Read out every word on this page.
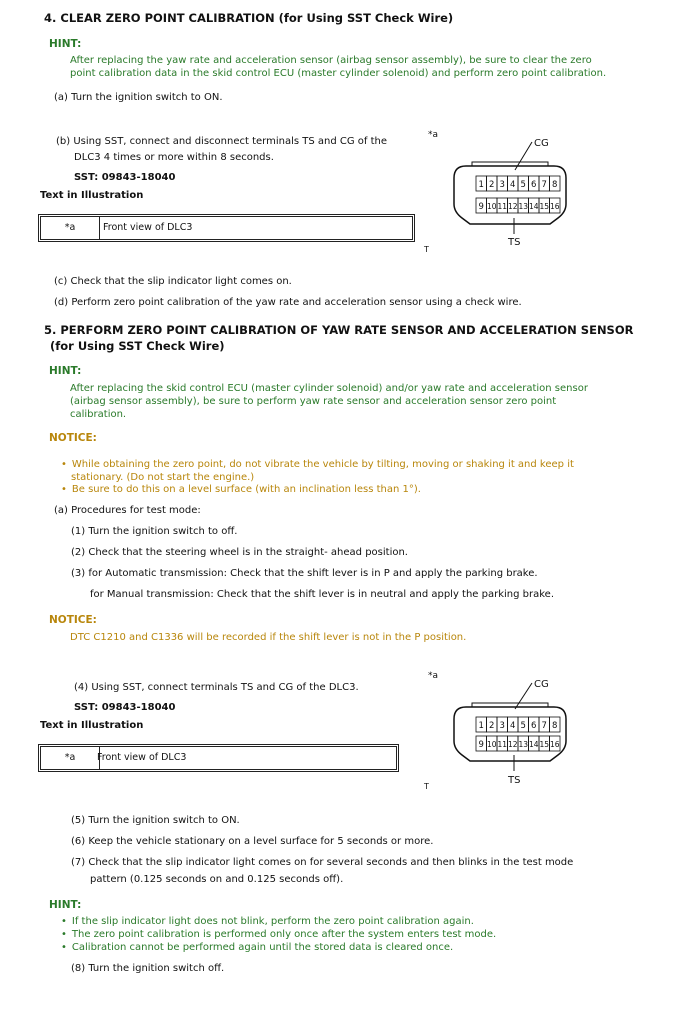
4. CLEAR ZERO POINT CALIBRATION (for Using SST Check Wire)
HINT:
After replacing the yaw rate and acceleration sensor (airbag sensor assembly), be sure to clear the zero
point calibration data in the skid control ECU (master cylinder solenoid) and perform zero point calibration.
(a) Turn the ignition switch to ON.
(b) Using SST, connect and disconnect terminals TS and CG of the
DLC3 4 times or more within 8 seconds.
SST: 09843-18040
Text in Illustration
*a	Front view of DLC3
*a
CG
1 2 3 4 5 6 7 8
9 10 11 12 13 14 15 16
TS
T
(c) Check that the slip indicator light comes on.
(d) Perform zero point calibration of the yaw rate and acceleration sensor using a check wire.
5. PERFORM ZERO POINT CALIBRATION OF YAW RATE SENSOR AND ACCELERATION SENSOR
(for Using SST Check Wire)
HINT:
After replacing the skid control ECU (master cylinder solenoid) and/or yaw rate and acceleration sensor
(airbag sensor assembly), be sure to perform yaw rate sensor and acceleration sensor zero point
calibration.
NOTICE:
• While obtaining the zero point, do not vibrate the vehicle by tilting, moving or shaking it and keep it
stationary. (Do not start the engine.)
• Be sure to do this on a level surface (with an inclination less than 1°).
(a) Procedures for test mode:
(1) Turn the ignition switch to off.
(2) Check that the steering wheel is in the straight- ahead position.
(3) for Automatic transmission: Check that the shift lever is in P and apply the parking brake.
for Manual transmission: Check that the shift lever is in neutral and apply the parking brake.
NOTICE:
DTC C1210 and C1336 will be recorded if the shift lever is not in the P position.
(4) Using SST, connect terminals TS and CG of the DLC3.
SST: 09843-18040
Text in Illustration
*a	Front view of DLC3
*a
CG
1 2 3 4 5 6 7 8
9 10 11 12 13 14 15 16
TS
T
(5) Turn the ignition switch to ON.
(6) Keep the vehicle stationary on a level surface for 5 seconds or more.
(7) Check that the slip indicator light comes on for several seconds and then blinks in the test mode
pattern (0.125 seconds on and 0.125 seconds off).
HINT:
• If the slip indicator light does not blink, perform the zero point calibration again.
• The zero point calibration is performed only once after the system enters test mode.
• Calibration cannot be performed again until the stored data is cleared once.
(8) Turn the ignition switch off.
